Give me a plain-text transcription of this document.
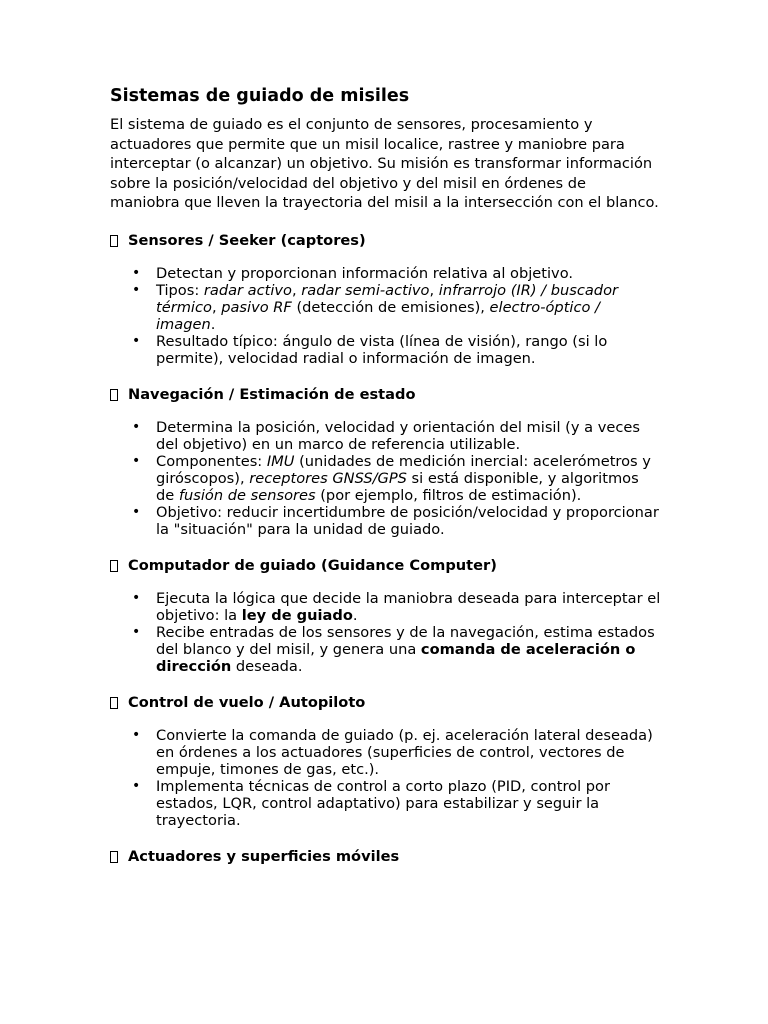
Sistemas de guiado de misiles

El sistema de guiado es el conjunto de sensores, procesamiento y actuadores que permite que un misil localice, rastree y maniobre para interceptar (o alcanzar) un objetivo. Su misión es transformar información sobre la posición/velocidad del objetivo y del misil en órdenes de maniobra que lleven la trayectoria del misil a la intersección con el blanco.

Sensores / Seeker (captores)
• Detectan y proporcionan información relativa al objetivo.
• Tipos: radar activo, radar semi-activo, infrarrojo (IR) / buscador térmico, pasivo RF (detección de emisiones), electro-óptico / imagen.
• Resultado típico: ángulo de vista (línea de visión), rango (si lo permite), velocidad radial o información de imagen.
Navegación / Estimación de estado
• Determina la posición, velocidad y orientación del misil (y a veces del objetivo) en un marco de referencia utilizable.
• Componentes: IMU (unidades de medición inercial: acelerómetros y giróscopos), receptores GNSS/GPS si está disponible, y algoritmos de fusión de sensores (por ejemplo, filtros de estimación).
• Objetivo: reducir incertidumbre de posición/velocidad y proporcionar la "situación" para la unidad de guiado.
Computador de guiado (Guidance Computer)
• Ejecuta la lógica que decide la maniobra deseada para interceptar el objetivo: la ley de guiado.
• Recibe entradas de los sensores y de la navegación, estima estados del blanco y del misil, y genera una comanda de aceleración o dirección deseada.
Control de vuelo / Autopiloto
• Convierte la comanda de guiado (p. ej. aceleración lateral deseada) en órdenes a los actuadores (superficies de control, vectores de empuje, timones de gas, etc.).
• Implementa técnicas de control a corto plazo (PID, control por estados, LQR, control adaptativo) para estabilizar y seguir la trayectoria.
Actuadores y superficies móviles
